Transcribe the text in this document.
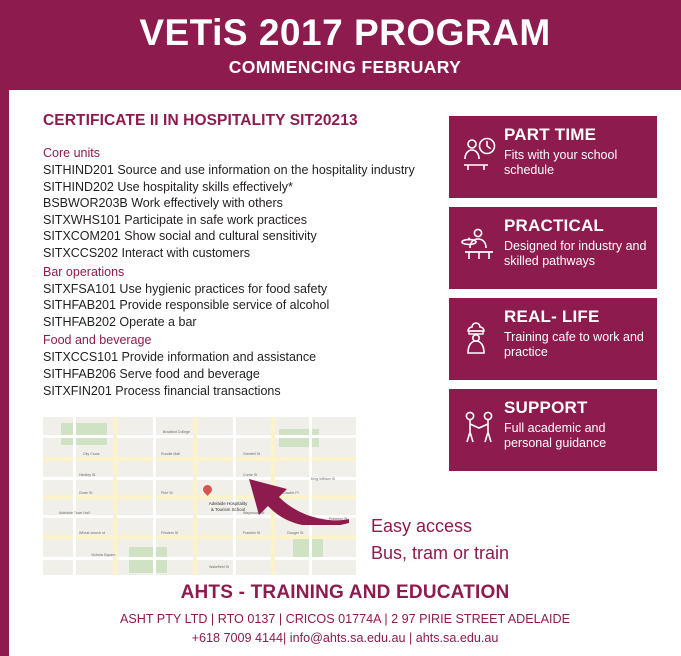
VETiS 2017 PROGRAM
COMMENCING FEBRUARY
CERTIFICATE II IN HOSPITALITY SIT20213
Core units
SITHIND201 Source and use information on the hospitality industry
SITHIND202 Use hospitality skills effectively*
BSBWOR203B Work effectively with others
SITXWHS101 Participate in safe work practices
SITXCOM201 Show social and cultural sensitivity
SITXCCS202 Interact with customers
Bar operations
SITXFSA101 Use hygienic practices for food safety
SITHFAB201 Provide responsible service of alcohol
SITHFAB202 Operate a bar
Food and beverage
SITXCCS101 Provide information and assistance
SITHFAB206 Serve food and beverage
SITXFIN201 Process financial transactions
Bradford College
City Cross	Rundle Mall	Grenfell St
Hindley St	Currie St
Grote St	Pirie St	Gawler Pl
Adelaide Town Hall	Waymouth St
Wheat church st	Flinders St	Franklin St	Gouger St
Victoria Square
Wakefield St
King William St
Pulteney St
Adelaide Hospitality
& Tourism School
PART TIME
Fits with your school schedule
PRACTICAL
Designed for industry and skilled pathways
REAL- LIFE
Training cafe to work and practice
SUPPORT
Full academic and personal guidance
Easy access
Bus, tram or train
AHTS - TRAINING AND EDUCATION
ASHT PTY LTD | RTO 0137 | CRICOS 01774A | 2 97 PIRIE STREET ADELAIDE
+618 7009 4144| info@ahts.sa.edu.au | ahts.sa.edu.au
